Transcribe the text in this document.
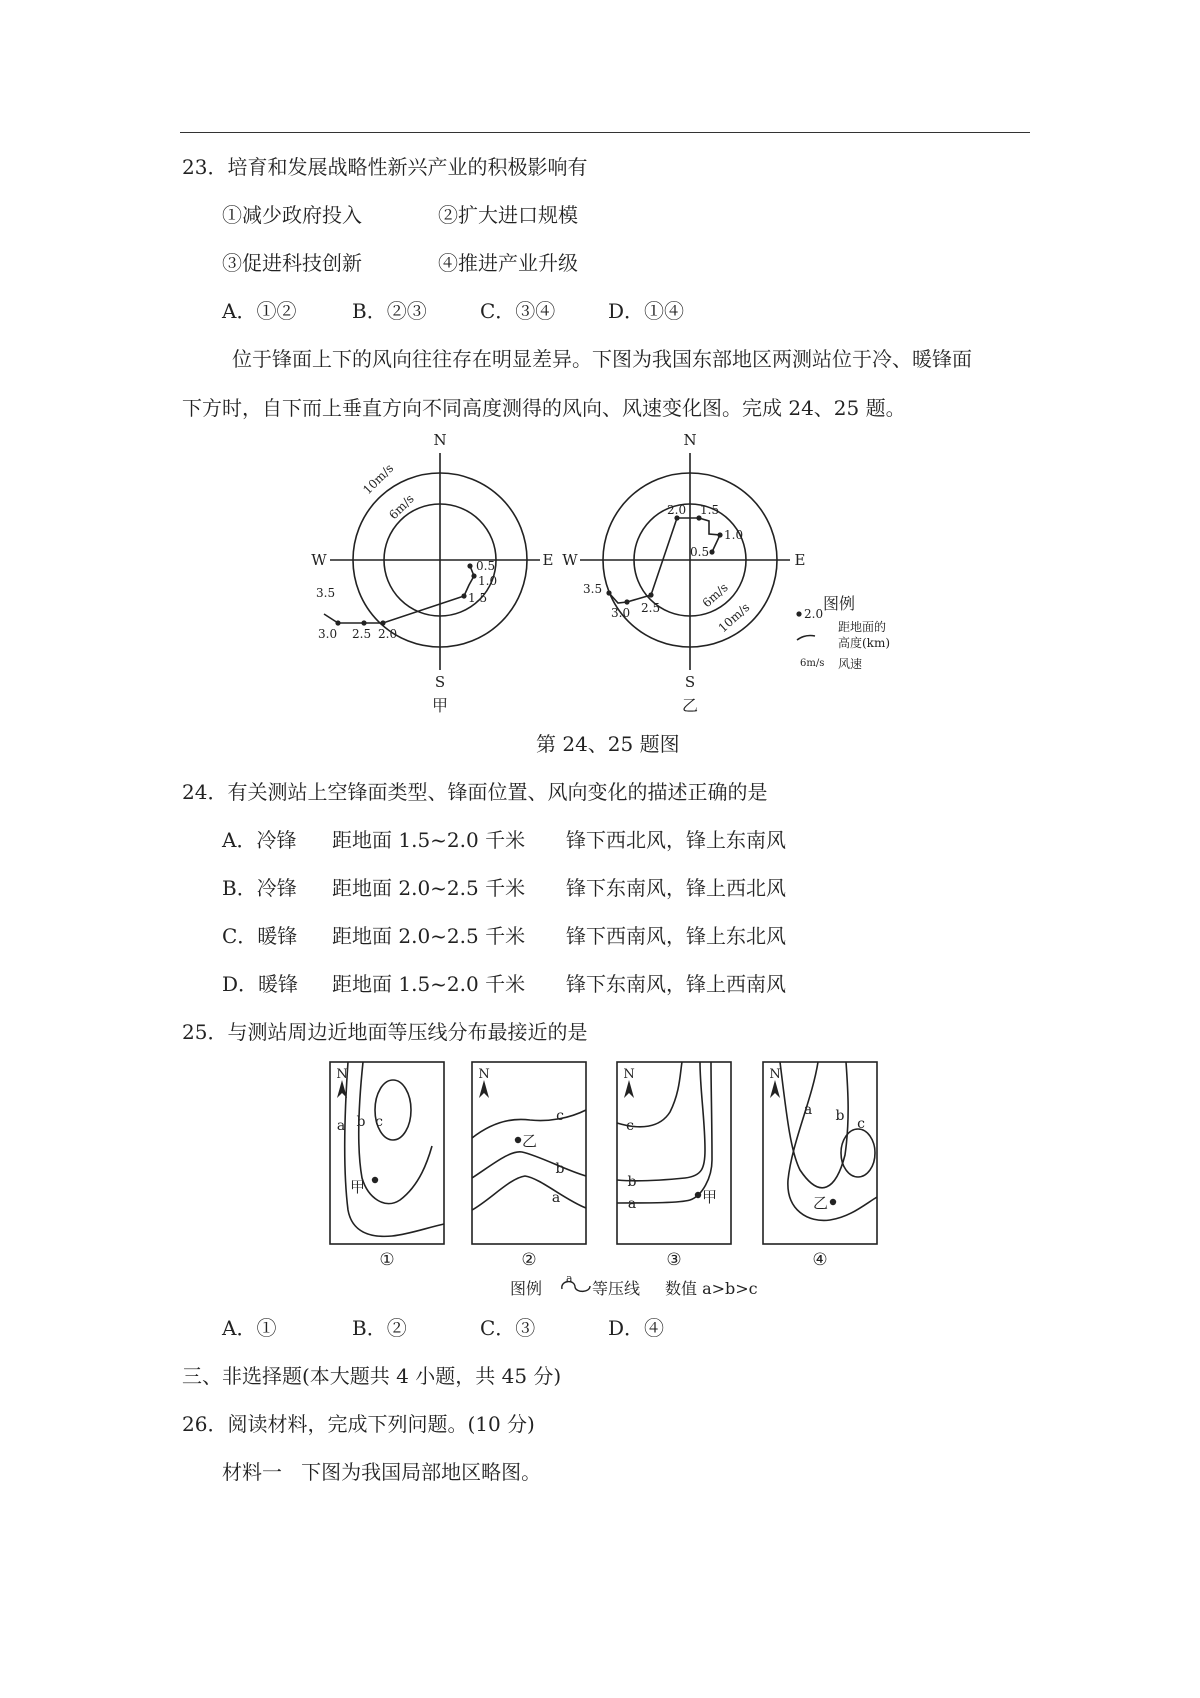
23．培育和发展战略性新兴产业的积极影响有
①减少政府投入	②扩大进口规模
③促进科技创新	④推进产业升级
A．①②	B．②③	C．③④	D．①④
位于锋面上下的风向往往存在明显差异。下图为我国东部地区两测站位于冷、暖锋面
下方时，自下而上垂直方向不同高度测得的风向、风速变化图。完成 24、25 题。
N
S
E
W
N
S
E
W
10m/s
6m/s
10m/s
6m/s
0.5
1.0
1.5
2.0
2.5
3.0
3.5
0.5
1.0
1.5
2.0
2.5
3.0
3.5
甲	乙
图例
2.0
距地面的
高度(km)
6m/s 风速
第 24、25 题图
24．有关测站上空锋面类型、锋面位置、风向变化的描述正确的是
A．冷锋 距地面 1.5~2.0 千米 锋下西北风，锋上东南风
B．冷锋 距地面 2.0~2.5 千米 锋下东南风，锋上西北风
C．暖锋 距地面 2.0~2.5 千米 锋下西南风，锋上东北风
D．暖锋 距地面 1.5~2.0 千米 锋下东南风，锋上西南风
25．与测站周边近地面等压线分布最接近的是
N	N	N	N
a b c	c
b
a
c
b
a
a b c
甲
乙
甲	乙
①	②	③	④
图例
a
等压线 数值 a>b>c
A．①	B．②	C．③	D．④
三、非选择题(本大题共 4 小题，共 45 分)
26．阅读材料，完成下列问题。(10 分)
材料一   下图为我国局部地区略图。
